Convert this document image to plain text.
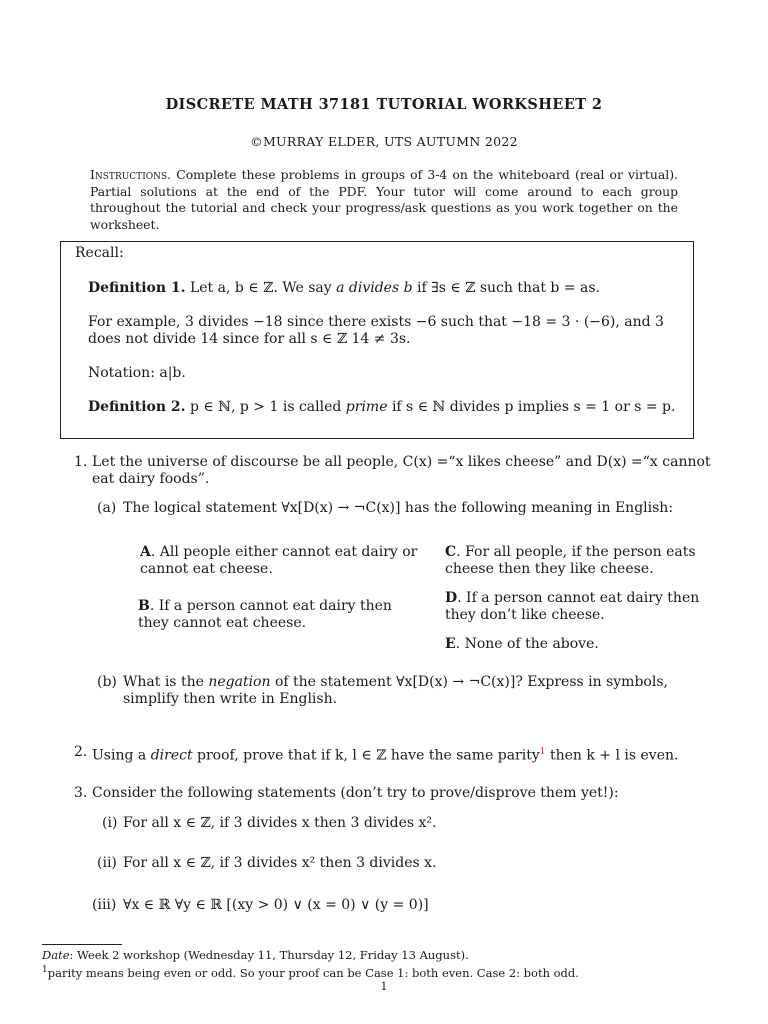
DISCRETE MATH 37181 TUTORIAL WORKSHEET 2
©MURRAY ELDER, UTS AUTUMN 2022
Instructions. Complete these problems in groups of 3-4 on the whiteboard (real or virtual). Partial solutions at the end of the PDF. Your tutor will come around to each group throughout the tutorial and check your progress/ask questions as you work together on the worksheet.
Recall:
Definition 1. Let a, b ∈ ℤ. We say a divides b if ∃s ∈ ℤ such that b = as.
For example, 3 divides −18 since there exists −6 such that −18 = 3 · (−6), and 3 does not divide 14 since for all s ∈ ℤ 14 ≠ 3s.
Notation: a|b.
Definition 2. p ∈ ℕ, p > 1 is called prime if s ∈ ℕ divides p implies s = 1 or s = p.
1. Let the universe of discourse be all people, C(x) =“x likes cheese” and D(x) =“x cannot eat dairy foods”.
(a) The logical statement ∀x[D(x) → ¬C(x)] has the following meaning in English:
A. All people either cannot eat dairy or cannot eat cheese.
B. If a person cannot eat dairy then they cannot eat cheese.
C. For all people, if the person eats cheese then they like cheese.
D. If a person cannot eat dairy then they don’t like cheese.
E. None of the above.
(b) What is the negation of the statement ∀x[D(x) → ¬C(x)]? Express in symbols, simplify then write in English.
2. Using a direct proof, prove that if k, l ∈ ℤ have the same parity$^1$ then k + l is even.
3. Consider the following statements (don’t try to prove/disprove them yet!):
(i) For all x ∈ ℤ, if 3 divides x then 3 divides x².
(ii) For all x ∈ ℤ, if 3 divides x² then 3 divides x.
(iii) ∀x ∈ ℝ ∀y ∈ ℝ [(xy > 0) ∨ (x = 0) ∨ (y = 0)]
Date: Week 2 workshop (Wednesday 11, Thursday 12, Friday 13 August).
$^1$parity means being even or odd. So your proof can be Case 1: both even. Case 2: both odd.
1
